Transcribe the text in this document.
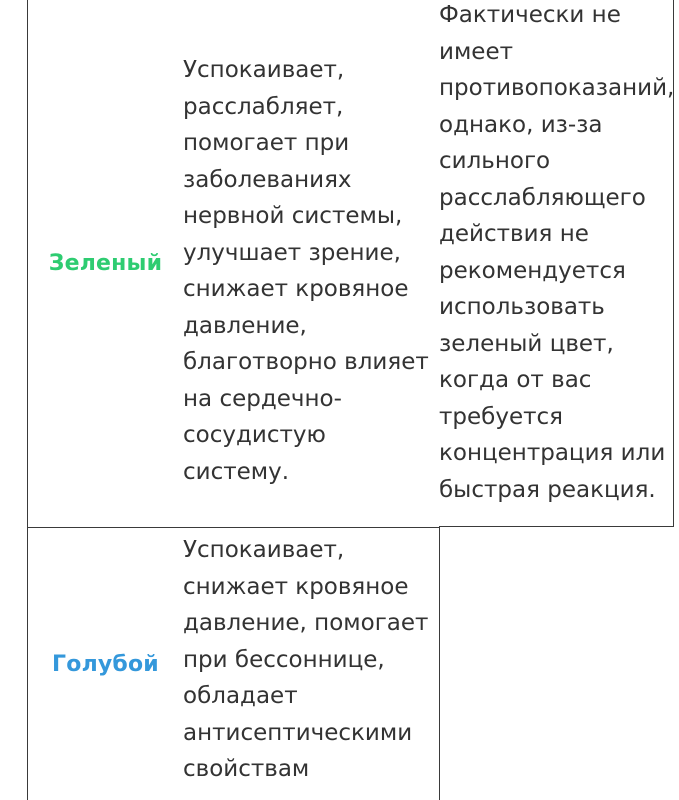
Зеленый

Успокаивает,
расслабляет,
помогает при
заболеваниях
нервной системы,
улучшает зрение,
снижает кровяное
давление,
благотворно влияет
на сердечно-
сосудистую систему.

Фактически не
имеет
противопоказаний,
однако, из-за
сильного
расслабляющего
действия не
рекомендуется
использовать
зеленый цвет,
когда от вас
требуется
концентрация или
быстрая реакция.

Голубой

Успокаивает,
снижает кровяное
давление, помогает
при бессоннице,
обладает
антисептическими
свойствам
